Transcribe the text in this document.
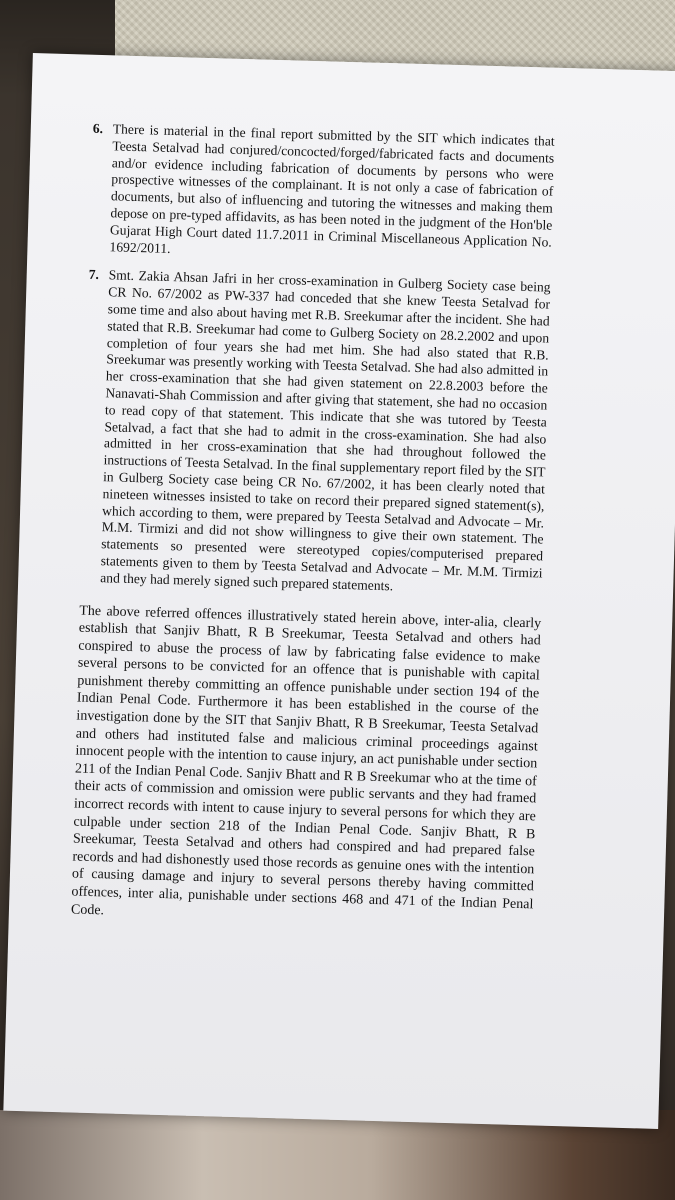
6. There is material in the final report submitted by the SIT which indicates that Teesta Setalvad had conjured/concocted/forged/fabricated facts and documents and/or evidence including fabrication of documents by persons who were prospective witnesses of the complainant. It is not only a case of fabrication of documents, but also of influencing and tutoring the witnesses and making them depose on pre-typed affidavits, as has been noted in the judgment of the Hon'ble Gujarat High Court dated 11.7.2011 in Criminal Miscellaneous Application No. 1692/2011.
7. Smt. Zakia Ahsan Jafri in her cross-examination in Gulberg Society case being CR No. 67/2002 as PW-337 had conceded that she knew Teesta Setalvad for some time and also about having met R.B. Sreekumar after the incident. She had stated that R.B. Sreekumar had come to Gulberg Society on 28.2.2002 and upon completion of four years she had met him. She had also stated that R.B. Sreekumar was presently working with Teesta Setalvad. She had also admitted in her cross-examination that she had given statement on 22.8.2003 before the Nanavati-Shah Commission and after giving that statement, she had no occasion to read copy of that statement. This indicate that she was tutored by Teesta Setalvad, a fact that she had to admit in the cross-examination. She had also admitted in her cross-examination that she had throughout followed the instructions of Teesta Setalvad. In the final supplementary report filed by the SIT in Gulberg Society case being CR No. 67/2002, it has been clearly noted that nineteen witnesses insisted to take on record their prepared signed statement(s), which according to them, were prepared by Teesta Setalvad and Advocate – Mr. M.M. Tirmizi and did not show willingness to give their own statement. The statements so presented were stereotyped copies/computerised prepared statements given to them by Teesta Setalvad and Advocate – Mr. M.M. Tirmizi and they had merely signed such prepared statements.

The above referred offences illustratively stated herein above, inter-alia, clearly establish that Sanjiv Bhatt, R B Sreekumar, Teesta Setalvad and others had conspired to abuse the process of law by fabricating false evidence to make several persons to be convicted for an offence that is punishable with capital punishment thereby committing an offence punishable under section 194 of the Indian Penal Code. Furthermore it has been established in the course of the investigation done by the SIT that Sanjiv Bhatt, R B Sreekumar, Teesta Setalvad and others had instituted false and malicious criminal proceedings against innocent people with the intention to cause injury, an act punishable under section 211 of the Indian Penal Code. Sanjiv Bhatt and R B Sreekumar who at the time of their acts of commission and omission were public servants and they had framed incorrect records with intent to cause injury to several persons for which they are culpable under section 218 of the Indian Penal Code. Sanjiv Bhatt, R B Sreekumar, Teesta Setalvad and others had conspired and had prepared false records and had dishonestly used those records as genuine ones with the intention of causing damage and injury to several persons thereby having committed offences, inter alia, punishable under sections 468 and 471 of the Indian Penal Code.
